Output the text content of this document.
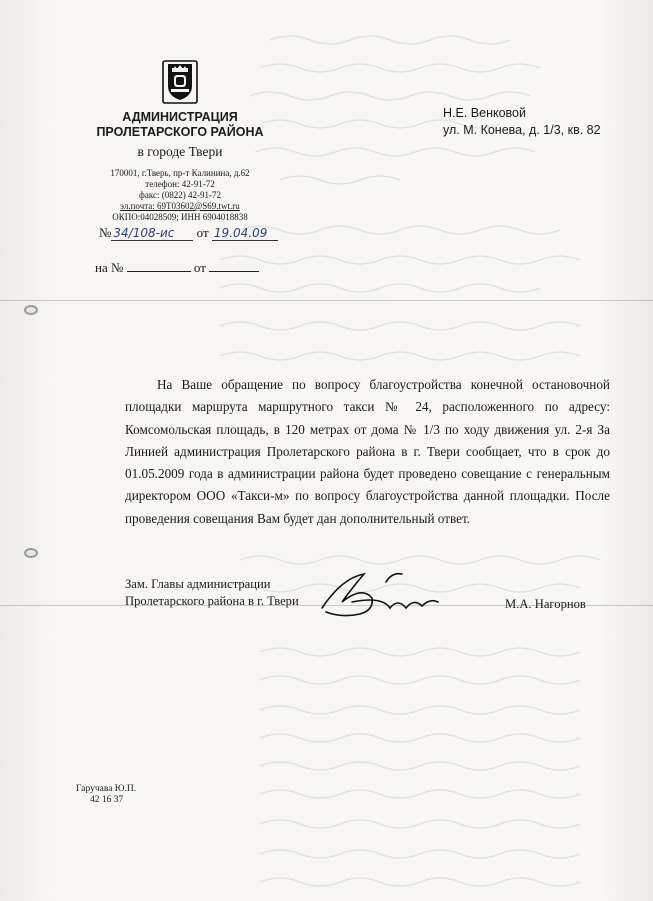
АДМИНИСТРАЦИЯ
ПРОЛЕТАРСКОГО РАЙОНА
в городе Твери
170001, г.Тверь, пр-т Калинина, д.62
телефон: 42-91-72
факс: (0822) 42-91-72
эл.почта: 69T03602@S69.twt.ru
ОКПО:04028509; ИНН 6904018838
№ 34/108-ис от 19.04.09
на №	от
Н.Е. Венковой
ул. М. Конева, д. 1/3, кв. 82
На Ваше обращение по вопросу благоустройства конечной остановочной площадки маршрута маршрутного такси № 24, расположенного по адресу: Комсомольская площадь, в 120 метрах от дома № 1/3 по ходу движения ул. 2-я За Линией администрация Пролетарского района в г. Твери сообщает, что в срок до 01.05.2009 года в администрации района будет проведено совещание с генеральным директором ООО «Такси-м» по вопросу благоустройства данной площадки. После проведения совещания Вам будет дан дополнительный ответ.
Зам. Главы администрации
Пролетарского района в г. Твери	М.А. Нагорнов
Гаручава Ю.П.
42 16 37
